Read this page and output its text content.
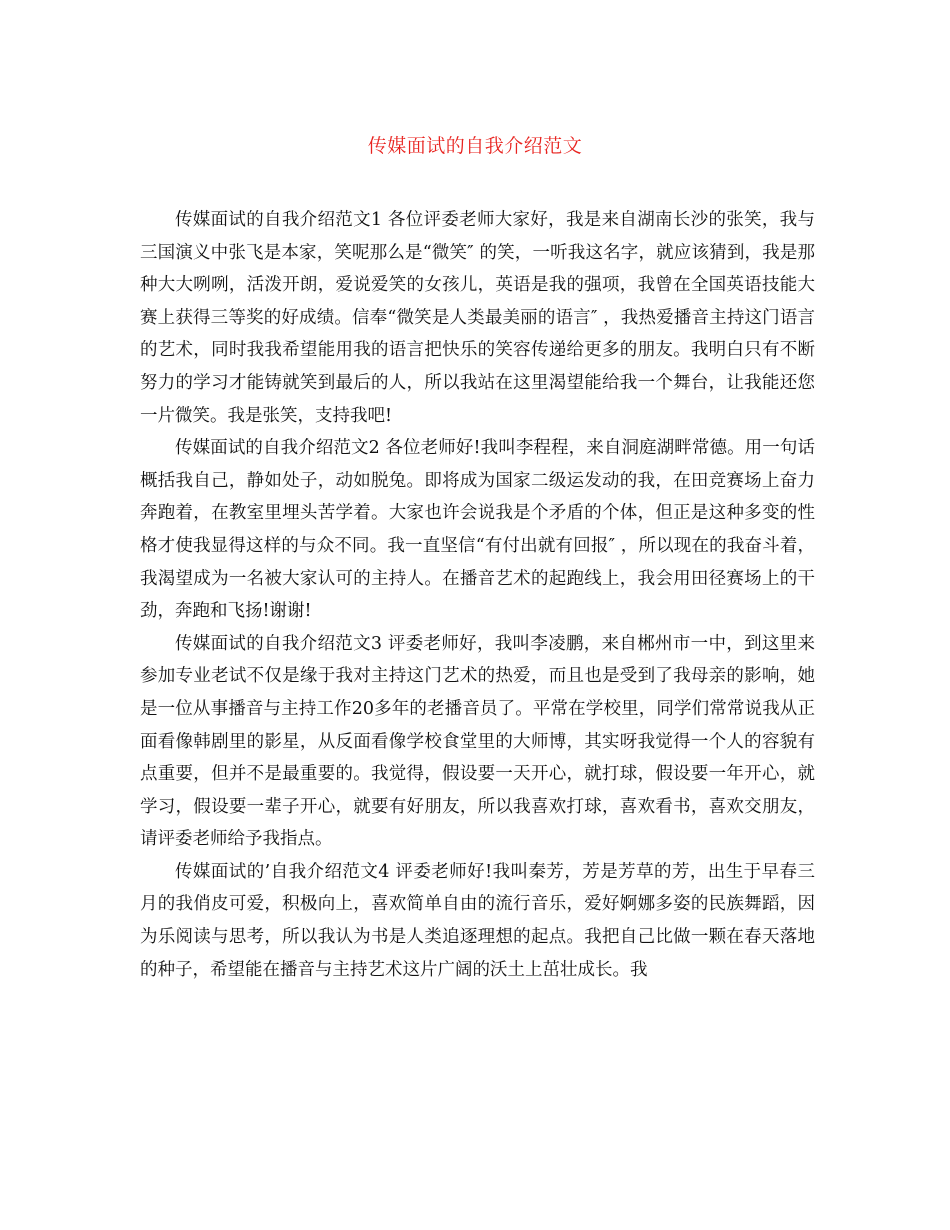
传媒面试的自我介绍范文

传媒面试的自我介绍范文1 各位评委老师大家好，我是来自湖南长沙的张笑，我与三国演义中张飞是本家，笑呢那么是“微笑″ 的笑，一听我这名字，就应该猜到，我是那种大大咧咧，活泼开朗，爱说爱笑的女孩儿，英语是我的强项，我曾在全国英语技能大赛上获得三等奖的好成绩。信奉“微笑是人类最美丽的语言″ ，我热爱播音主持这门语言的艺术，同时我我希望能用我的语言把快乐的笑容传递给更多的朋友。我明白只有不断努力的学习才能铸就笑到最后的人，所以我站在这里渴望能给我一个舞台，让我能还您一片微笑。我是张笑，支持我吧!

传媒面试的自我介绍范文2 各位老师好!我叫李程程，来自洞庭湖畔常德。用一句话概括我自己，静如处子，动如脱兔。即将成为国家二级运发动的我，在田竞赛场上奋力奔跑着，在教室里埋头苦学着。大家也许会说我是个矛盾的个体，但正是这种多变的性格才使我显得这样的与众不同。我一直坚信“有付出就有回报″ ，所以现在的我奋斗着，我渴望成为一名被大家认可的主持人。在播音艺术的起跑线上，我会用田径赛场上的干劲，奔跑和飞扬!谢谢!

传媒面试的自我介绍范文3 评委老师好，我叫李凌鹏，来自郴州市一中，到这里来参加专业老试不仅是缘于我对主持这门艺术的热爱，而且也是受到了我母亲的影响，她是一位从事播音与主持工作20多年的老播音员了。平常在学校里，同学们常常说我从正面看像韩剧里的影星，从反面看像学校食堂里的大师博，其实呀我觉得一个人的容貌有点重要，但并不是最重要的。我觉得，假设要一天开心，就打球，假设要一年开心，就学习，假设要一辈子开心，就要有好朋友，所以我喜欢打球，喜欢看书，喜欢交朋友，请评委老师给予我指点。

传媒面试的’自我介绍范文4 评委老师好!我叫秦芳，芳是芳草的芳，出生于早春三月的我俏皮可爱，积极向上，喜欢简单自由的流行音乐，爱好婀娜多姿的民族舞蹈，因为乐阅读与思考，所以我认为书是人类追逐理想的起点。我把自己比做一颗在春天落地的种子，希望能在播音与主持艺术这片广阔的沃土上茁壮成长。我
